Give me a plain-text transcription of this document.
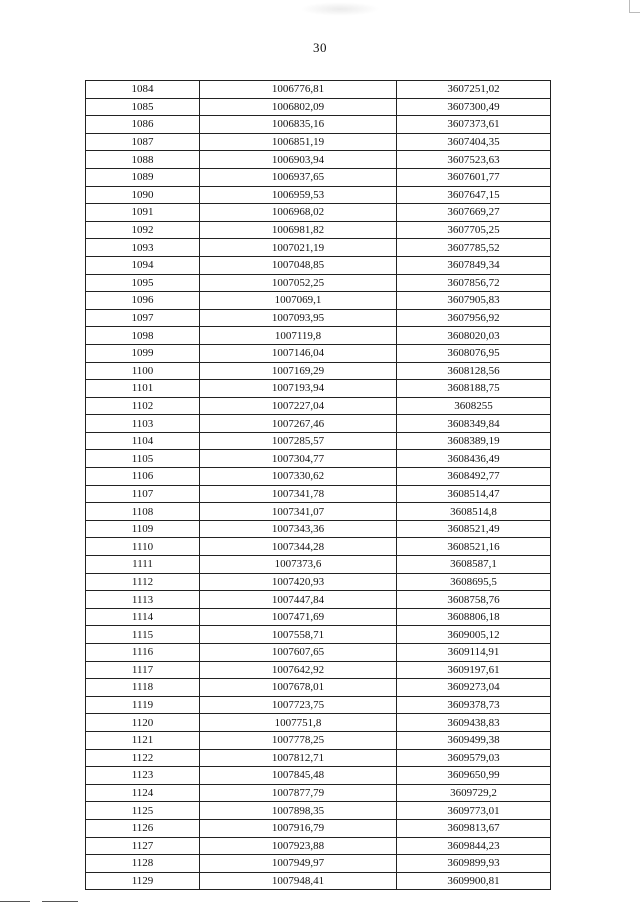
30
1084	1006776,81	3607251,02
1085	1006802,09	3607300,49
1086	1006835,16	3607373,61
1087	1006851,19	3607404,35
1088	1006903,94	3607523,63
1089	1006937,65	3607601,77
1090	1006959,53	3607647,15
1091	1006968,02	3607669,27
1092	1006981,82	3607705,25
1093	1007021,19	3607785,52
1094	1007048,85	3607849,34
1095	1007052,25	3607856,72
1096	1007069,1	3607905,83
1097	1007093,95	3607956,92
1098	1007119,8	3608020,03
1099	1007146,04	3608076,95
1100	1007169,29	3608128,56
1101	1007193,94	3608188,75
1102	1007227,04	3608255
1103	1007267,46	3608349,84
1104	1007285,57	3608389,19
1105	1007304,77	3608436,49
1106	1007330,62	3608492,77
1107	1007341,78	3608514,47
1108	1007341,07	3608514,8
1109	1007343,36	3608521,49
1110	1007344,28	3608521,16
1111	1007373,6	3608587,1
1112	1007420,93	3608695,5
1113	1007447,84	3608758,76
1114	1007471,69	3608806,18
1115	1007558,71	3609005,12
1116	1007607,65	3609114,91
1117	1007642,92	3609197,61
1118	1007678,01	3609273,04
1119	1007723,75	3609378,73
1120	1007751,8	3609438,83
1121	1007778,25	3609499,38
1122	1007812,71	3609579,03
1123	1007845,48	3609650,99
1124	1007877,79	3609729,2
1125	1007898,35	3609773,01
1126	1007916,79	3609813,67
1127	1007923,88	3609844,23
1128	1007949,97	3609899,93
1129	1007948,41	3609900,81
